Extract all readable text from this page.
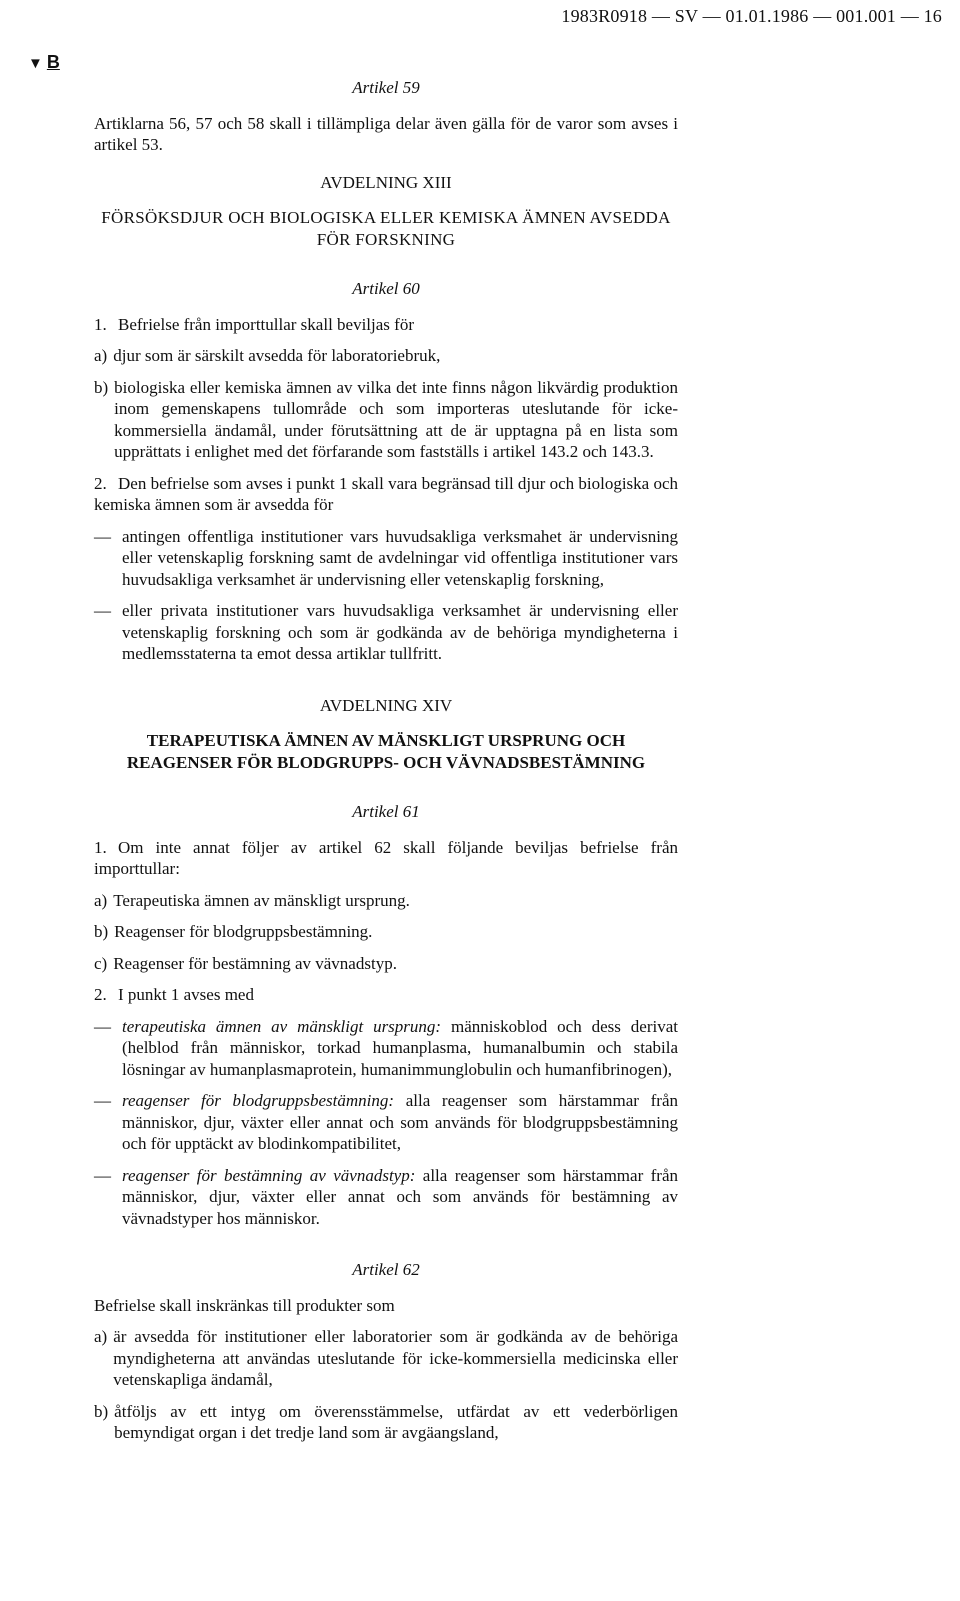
1983R0918 — SV — 01.01.1986 — 001.001 — 16
▼ B

Artikel 59

Artiklarna 56, 57 och 58 skall i tillämpliga delar även gälla för de varor som avses i artikel 53.

AVDELNING XIII

FÖRSÖKSDJUR OCH BIOLOGISKA ELLER KEMISKA ÄMNEN AVSEDDA FÖR FORSKNING

Artikel 60

1. Befrielse från importtullar skall beviljas för

a) djur som är särskilt avsedda för laboratoriebruk,
b) biologiska eller kemiska ämnen av vilka det inte finns någon likvärdig produktion inom gemenskapens tullområde och som importeras uteslutande för icke-kommersiella ändamål, under förutsättning att de är upptagna på en lista som upprättats i enlighet med det förfarande som fastställs i artikel 143.2 och 143.3.

2. Den befrielse som avses i punkt 1 skall vara begränsad till djur och biologiska och kemiska ämnen som är avsedda för

— antingen offentliga institutioner vars huvudsakliga verksmahet är undervisning eller vetenskaplig forskning samt de avdelningar vid offentliga institutioner vars huvudsakliga verksamhet är undervisning eller vetenskaplig forskning,
— eller privata institutioner vars huvudsakliga verksamhet är undervisning eller vetenskaplig forskning och som är godkända av de behöriga myndigheterna i medlemsstaterna ta emot dessa artiklar tullfritt.

AVDELNING XIV

TERAPEUTISKA ÄMNEN AV MÄNSKLIGT URSPRUNG OCH REAGENSER FÖR BLODGRUPPS- OCH VÄVNADSBESTÄMNING

Artikel 61

1. Om inte annat följer av artikel 62 skall följande beviljas befrielse från importtullar:

a) Terapeutiska ämnen av mänskligt ursprung.
b) Reagenser för blodgruppsbestämning.
c) Reagenser för bestämning av vävnadstyp.

2. I punkt 1 avses med

— terapeutiska ämnen av mänskligt ursprung: människoblod och dess derivat (helblod från människor, torkad humanplasma, humanalbumin och stabila lösningar av humanplasmaprotein, humanimmunglobulin och humanfibrinogen),
— reagenser för blodgruppsbestämning: alla reagenser som härstammar från människor, djur, växter eller annat och som används för blodgruppsbestämning och för upptäckt av blodinkompatibilitet,
— reagenser för bestämning av vävnadstyp: alla reagenser som härstammar från människor, djur, växter eller annat och som används för bestämning av vävnadstyper hos människor.

Artikel 62

Befrielse skall inskränkas till produkter som

a) är avsedda för institutioner eller laboratorier som är godkända av de behöriga myndigheterna att användas uteslutande för icke-kommersiella medicinska eller vetenskapliga ändamål,
b) åtföljs av ett intyg om överensstämmelse, utfärdat av ett vederbörligen bemyndigat organ i det tredje land som är avgäangsland,
